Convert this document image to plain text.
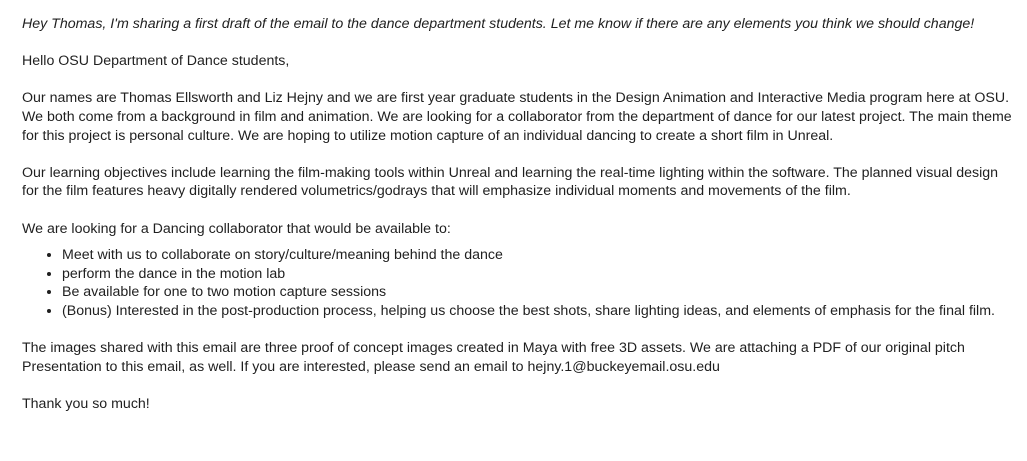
Hey Thomas, I'm sharing a first draft of the email to the dance department students. Let me know if there are any elements you think we should change!

Hello OSU Department of Dance students,

Our names are Thomas Ellsworth and Liz Hejny and we are first year graduate students in the Design Animation and Interactive Media program here at OSU. We both come from a background in film and animation. We are looking for a collaborator from the department of dance for our latest project. The main theme for this project is personal culture. We are hoping to utilize motion capture of an individual dancing to create a short film in Unreal.

Our learning objectives include learning the film-making tools within Unreal and learning the real-time lighting within the software. The planned visual design for the film features heavy digitally rendered volumetrics/godrays that will emphasize individual moments and movements of the film.

We are looking for a Dancing collaborator that would be available to:

• Meet with us to collaborate on story/culture/meaning behind the dance
• perform the dance in the motion lab
• Be available for one to two motion capture sessions
• (Bonus) Interested in the post-production process, helping us choose the best shots, share lighting ideas, and elements of emphasis for the final film.

The images shared with this email are three proof of concept images created in Maya with free 3D assets. We are attaching a PDF of our original pitch Presentation to this email, as well. If you are interested, please send an email to hejny.1@buckeyemail.osu.edu

Thank you so much!
